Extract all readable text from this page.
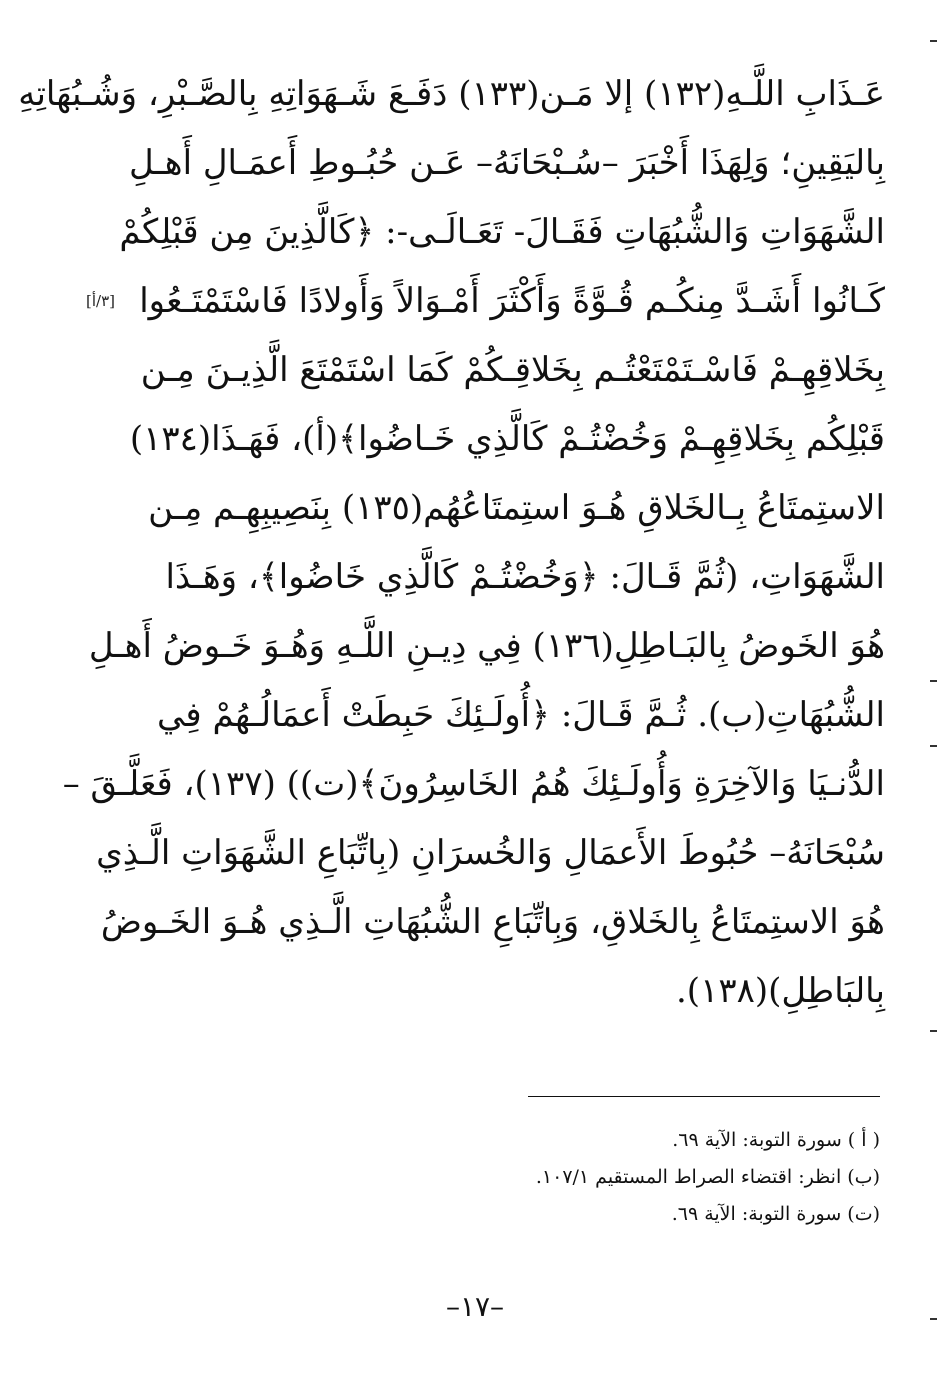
عَـذَابِ اللَّـهِ(١٣٢) إلا مَـن(١٣٣) دَفَـعَ شَـهَوَاتِهِ بِالصَّـبْرِ، وَشُـبُهَاتِهِ
بِاليَقِينِ؛ وَلِهَذَا أَخْبَرَ –سُـبْحَانَهُ– عَـن حُبُـوطِ أَعمَـالِ أَهـلِ
الشَّهَوَاتِ وَالشُّبُهَاتِ فَقَـالَ- تَعَـالَـى-: ﴿كَالَّذِينَ مِن قَبْلِكُمْ
كَـانُوا أَشَـدَّ مِنكُـم قُـوَّةً وَأَكْثَرَ أَمْـوَالاً وَأَولادًا فَاسْتَمْتَـعُوا
بِخَلاقِهِـمْ فَاسْـتَمْتَعْتُـم بِخَلاقِـكُمْ كَمَا اسْتَمْتَعَ الَّذِيـنَ مِـن
قَبْلِكُم بِخَلاقِهِـمْ وَخُضْتُـمْ كَالَّذِي خَـاضُوا﴾(أ)، فَهَـذَا(١٣٤)
الاستِمتَاعُ بِـالخَلاقِ هُـوَ استِمتَاعُهُم(١٣٥) بِنَصِيبِهِـم مِـن
الشَّهَوَاتِ، (ثُمَّ قَـالَ: ﴿وَخُضْتُـمْ كَالَّذِي خَاضُوا﴾، وَهَـذَا
هُوَ الخَوضُ بِالبَـاطِلِ(١٣٦) فِي دِيـنِ اللَّـهِ وَهُـوَ خَـوضُ أَهـلِ
الشُّبُهَاتِ(ب). ثُـمَّ قَـالَ: ﴿أُولَـئِكَ حَبِطَتْ أَعمَالُـهُمْ فِي
الدُّنـيَا وَالآخِرَةِ وَأُولَـئِكَ هُمُ الخَاسِرُونَ﴾(ت)) (١٣٧)، فَعَلَّـقَ –
سُبْحَانَهُ– حُبُوطَ الأَعمَالِ وَالخُسرَانِ (بِاتِّبَاعِ الشَّهَوَاتِ الَّـذِي
هُوَ الاستِمتَاعُ بِالخَلاقِ، وَبِاتِّبَاعِ الشُّبُهَاتِ الَّـذِي هُـوَ الخَـوضُ
بِالبَاطِلِ)(١٣٨).
[٣/أ]
( أ ) سورة التوبة: الآية ٦٩.
(ب) انظر: اقتضاء الصراط المستقيم ١٠٧/١.
(ت) سورة التوبة: الآية ٦٩.
–١٧–
